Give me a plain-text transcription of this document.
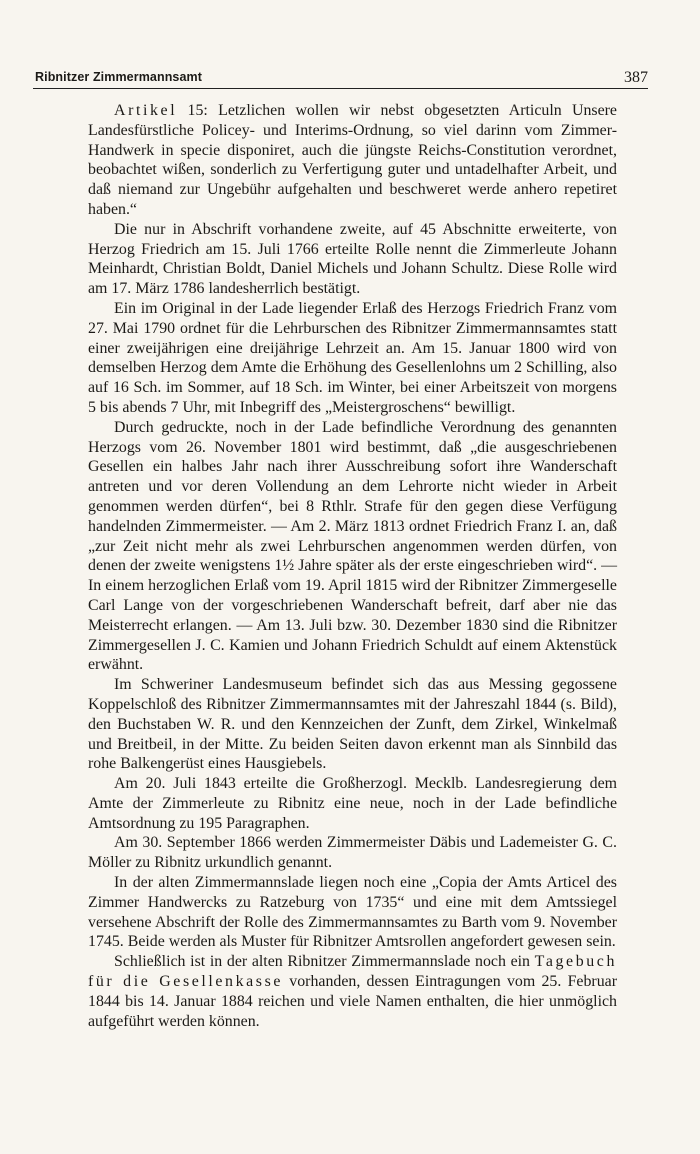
Ribnitzer Zimmermannsamt	387

Artikel 15: Letzlichen wollen wir nebst obgesetzten Articuln Unsere Landesfürstliche Policey- und Interims-Ordnung, so viel darinn vom Zimmer-Handwerk in specie disponiret, auch die jüngste Reichs-Constitution verordnet, beobachtet wißen, sonderlich zu Verfertigung guter und untadelhafter Arbeit, und daß niemand zur Ungebühr aufgehalten und beschweret werde anhero repetiret haben.“

Die nur in Abschrift vorhandene zweite, auf 45 Abschnitte erweiterte, von Herzog Friedrich am 15. Juli 1766 erteilte Rolle nennt die Zimmerleute Johann Meinhardt, Christian Boldt, Daniel Michels und Johann Schultz. Diese Rolle wird am 17. März 1786 landesherrlich bestätigt.

Ein im Original in der Lade liegender Erlaß des Herzogs Friedrich Franz vom 27. Mai 1790 ordnet für die Lehrburschen des Ribnitzer Zimmermannsamtes statt einer zweijährigen eine dreijährige Lehrzeit an. Am 15. Januar 1800 wird von demselben Herzog dem Amte die Erhöhung des Gesellenlohns um 2 Schilling, also auf 16 Sch. im Sommer, auf 18 Sch. im Winter, bei einer Arbeitszeit von morgens 5 bis abends 7 Uhr, mit Inbegriff des „Meistergroschens“ bewilligt.

Durch gedruckte, noch in der Lade befindliche Verordnung des genannten Herzogs vom 26. November 1801 wird bestimmt, daß „die ausgeschriebenen Gesellen ein halbes Jahr nach ihrer Ausschreibung sofort ihre Wanderschaft antreten und vor deren Vollendung an dem Lehrorte nicht wieder in Arbeit genommen werden dürfen“, bei 8 Rthlr. Strafe für den gegen diese Verfügung handelnden Zimmermeister. — Am 2. März 1813 ordnet Friedrich Franz I. an, daß „zur Zeit nicht mehr als zwei Lehrburschen angenommen werden dürfen, von denen der zweite wenigstens 1½ Jahre später als der erste eingeschrieben wird“. — In einem herzoglichen Erlaß vom 19. April 1815 wird der Ribnitzer Zimmergeselle Carl Lange von der vorgeschriebenen Wanderschaft befreit, darf aber nie das Meisterrecht erlangen. — Am 13. Juli bzw. 30. Dezember 1830 sind die Ribnitzer Zimmergesellen J. C. Kamien und Johann Friedrich Schuldt auf einem Aktenstück erwähnt.

Im Schweriner Landesmuseum befindet sich das aus Messing gegossene Koppelschloß des Ribnitzer Zimmermannsamtes mit der Jahreszahl 1844 (s. Bild), den Buchstaben W. R. und den Kennzeichen der Zunft, dem Zirkel, Winkelmaß und Breitbeil, in der Mitte. Zu beiden Seiten davon erkennt man als Sinnbild das rohe Balkengerüst eines Hausgiebels.

Am 20. Juli 1843 erteilte die Großherzogl. Mecklb. Landesregierung dem Amte der Zimmerleute zu Ribnitz eine neue, noch in der Lade befindliche Amtsordnung zu 195 Paragraphen.

Am 30. September 1866 werden Zimmermeister Däbis und Lademeister G. C. Möller zu Ribnitz urkundlich genannt.

In der alten Zimmermannslade liegen noch eine „Copia der Amts Articel des Zimmer Handwercks zu Ratzeburg von 1735“ und eine mit dem Amtssiegel versehene Abschrift der Rolle des Zimmermannsamtes zu Barth vom 9. November 1745. Beide werden als Muster für Ribnitzer Amtsrollen angefordert gewesen sein.

Schließlich ist in der alten Ribnitzer Zimmermannslade noch ein Tagebuch für die Gesellenkasse vorhanden, dessen Eintragungen vom 25. Februar 1844 bis 14. Januar 1884 reichen und viele Namen enthalten, die hier unmöglich aufgeführt werden können.
